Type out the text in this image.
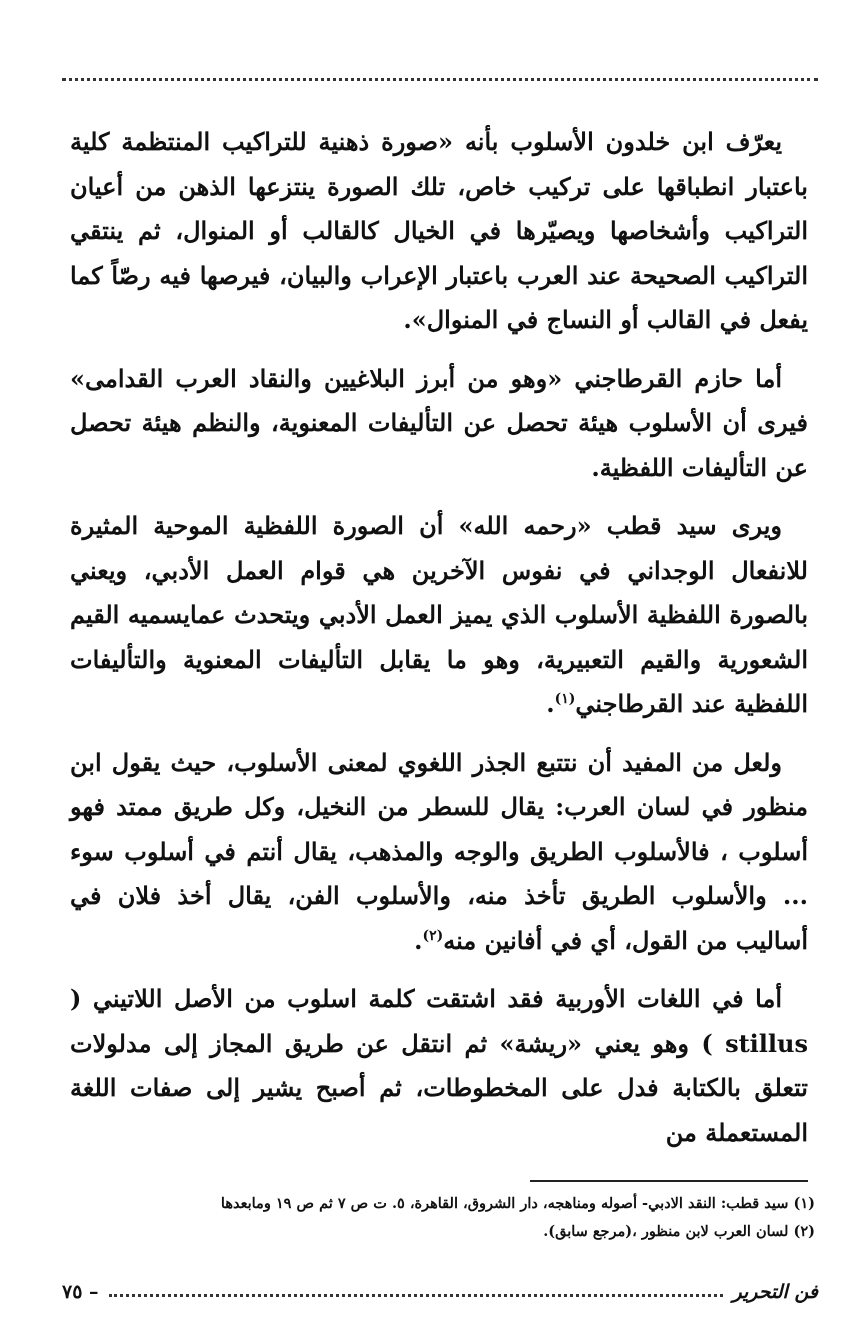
يعرّف ابن خلدون الأسلوب بأنه «صورة ذهنية للتراكيب المنتظمة كلية باعتبار انطباقها على تركيب خاص، تلك الصورة ينتزعها الذهن من أعيان التراكيب وأشخاصها ويصيّرها في الخيال كالقالب أو المنوال، ثم ينتقي التراكيب الصحيحة عند العرب باعتبار الإعراب والبيان، فيرصها فيه رصّاً كما يفعل في القالب أو النساج في المنوال».

أما حازم القرطاجني «وهو من أبرز البلاغيين والنقاد العرب القدامى» فيرى أن الأسلوب هيئة تحصل عن التأليفات المعنوية، والنظم هيئة تحصل عن التأليفات اللفظية.

ويرى سيد قطب «رحمه الله» أن الصورة اللفظية الموحية المثيرة للانفعال الوجداني في نفوس الآخرين هي قوام العمل الأدبي، ويعني بالصورة اللفظية الأسلوب الذي يميز العمل الأدبي ويتحدث عمايسميه القيم الشعورية والقيم التعبيرية، وهو ما يقابل التأليفات المعنوية والتأليفات اللفظية عند القرطاجني$^{(١)}$.

ولعل من المفيد أن نتتبع الجذر اللغوي لمعنى الأسلوب، حيث يقول ابن منظور في لسان العرب: يقال للسطر من النخيل، وكل طريق ممتد فهو أسلوب ، فالأسلوب الطريق والوجه والمذهب، يقال أنتم في أسلوب سوء ... والأسلوب الطريق تأخذ منه، والأسلوب الفن، يقال أخذ فلان في أساليب من القول، أي في أفانين منه$^{(٢)}$.

أما في اللغات الأوربية فقد اشتقت كلمة اسلوب من الأصل اللاتيني ( stillus ) وهو يعني «ريشة» ثم انتقل عن طريق المجاز إلى مدلولات تتعلق بالكتابة فدل على المخطوطات، ثم أصبح يشير إلى صفات اللغة المستعملة من

(١) سيد قطب: النقد الادبي- أصوله ومناهجه، دار الشروق، القاهرة، ٥. ت ص ٧ ثم ص ١٩ ومابعدها

(٢) لسان العرب لابن منظور ،(مرجع سابق).

فن التحرير
– ٧٥
